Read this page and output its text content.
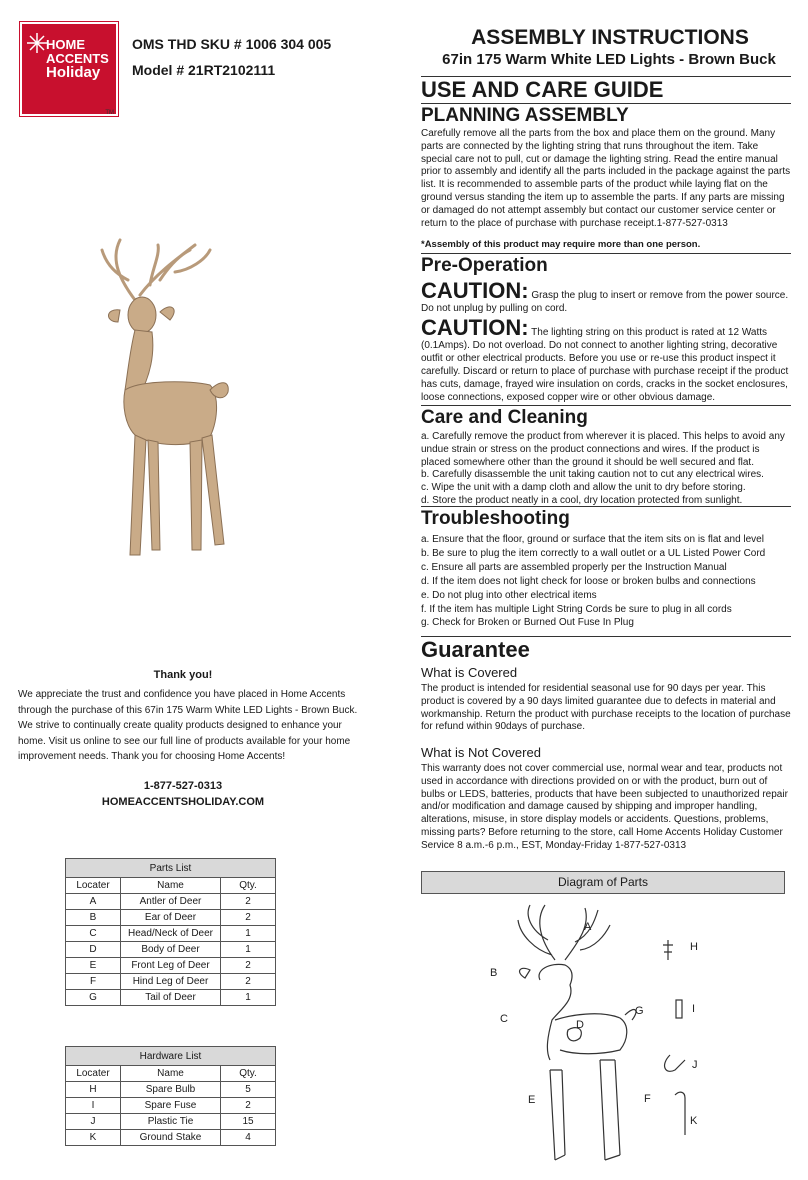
HOME
ACCENTS
Holiday
TM
OMS THD SKU # 1006 304 005
Model # 21RT2102111
ASSEMBLY INSTRUCTIONS
67in 175 Warm White LED Lights - Brown Buck
USE AND CARE GUIDE
PLANNING ASSEMBLY
Carefully remove all the parts from the box and place them on the ground. Many parts are connected by the lighting string that runs throughout the item. Take special care not to pull, cut or damage the lighting string. Read the entire manual prior to assembly and identify all the parts included in the package against the parts list. It is recommended to assemble parts of the product while laying flat on the ground versus standing the item up to assemble the parts. If any parts are missing or damaged do not attempt assembly but contact our customer service center or return to the place of purchase with purchase receipt.1-877-527-0313
*Assembly of this product may require more than one person.
Pre-Operation
CAUTION: Grasp the plug to insert or remove from the power source. Do not unplug by pulling on cord.
CAUTION: The lighting string on this product is rated at 12 Watts (0.1Amps). Do not overload. Do not connect to another lighting string, decorative outfit or other electrical products. Before you use or re-use this product inspect it carefully. Discard or return to place of purchase with purchase receipt if the product has cuts, damage, frayed wire insulation on cords, cracks in the socket enclosures, loose connections, exposed copper wire or other obvious damage.
Care and Cleaning
a. Carefully remove the product from wherever it is placed. This helps to avoid any undue strain or stress on the product connections and wires. If the product is placed somewhere other than the ground it should be well secured and flat.
b. Carefully disassemble the unit taking caution not to cut any electrical wires.
c. Wipe the unit with a damp cloth and allow the unit to dry before storing.
d. Store the product neatly in a cool, dry location protected from sunlight.
Troubleshooting
a. Ensure that the floor, ground or surface that the item sits on is flat and level
b. Be sure to plug the item correctly to a wall outlet or a UL Listed Power Cord
c. Ensure all parts are assembled properly per the Instruction Manual
d. If the item does not light check for loose or broken bulbs and connections
e. Do not plug into other electrical items
f. If the item has multiple Light String Cords be sure to plug in all cords
g. Check for Broken or Burned Out Fuse In Plug
Guarantee
What is Covered
The product is intended for residential seasonal use for 90 days per year. This product is covered by a 90 days limited guarantee due to defects in material and workmanship. Return the product with purchase receipts to the location of purchase for refund within 90days of purchase.
What is Not Covered
This warranty does not cover commercial use, normal wear and tear, products not used in accordance with directions provided on or with the product, burn out of bulbs or LEDS, batteries, products that have been subjected to unauthorized repair and/or modification and damage caused by shipping and improper handling, alterations, misuse, in store display models or accidents. Questions, problems, missing parts? Before returning to the store, call Home Accents Holiday Customer Service 8 a.m.-6 p.m., EST, Monday-Friday 1-877-527-0313
Diagram of Parts
A
B
C	D
E	F
G
H
I
J
K
Thank you!
We appreciate the trust and confidence you have placed in Home Accents through the purchase of this 67in 175 Warm White LED Lights - Brown Buck. We strive to continually create quality products designed to enhance your home. Visit us online to see our full line of products available for your home improvement needs. Thank you for choosing Home Accents!
1-877-527-0313
HOMEACCENTSHOLIDAY.COM
Parts List		
Locater	Name	Qty.
A	Antler of Deer	2
B	Ear of Deer	2
C	Head/Neck of Deer	1
D	Body of Deer	1
E	Front Leg of Deer	2
F	Hind Leg of Deer	2
G	Tail of Deer	1
Hardware List		
Locater	Name	Qty.
H	Spare Bulb	5
I	Spare Fuse	2
J	Plastic Tie	15
K	Ground Stake	4
